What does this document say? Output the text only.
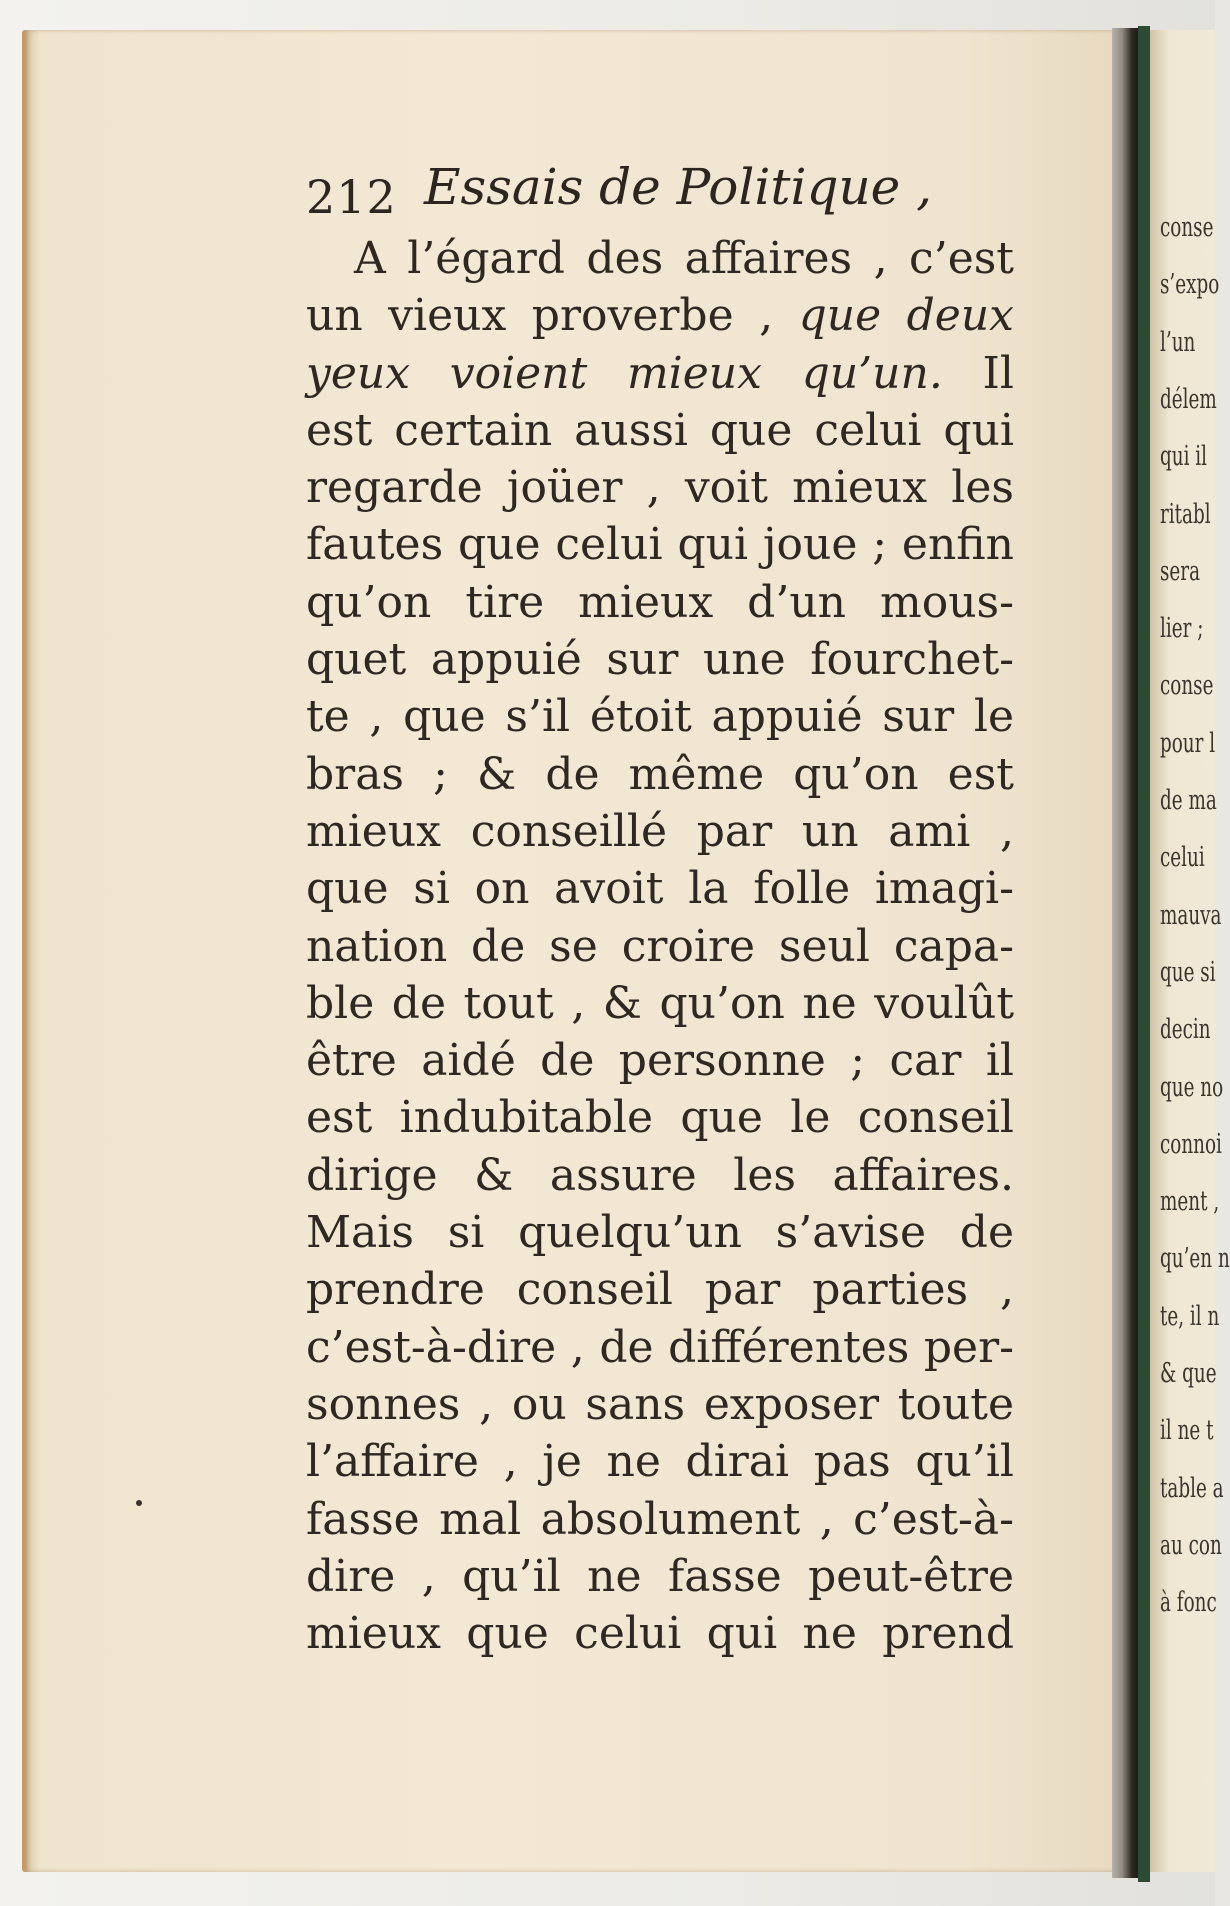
212 Essais de Politique ,
A l’égard des affaires , c’est
un vieux proverbe , que deux
yeux voient mieux qu’un. Il
est certain aussi que celui qui
regarde joüer , voit mieux les
fautes que celui qui joue ; enfin
qu’on tire mieux d’un mous-
quet appuié sur une fourchet-
te , que s’il étoit appuié sur le
bras ; & de même qu’on est
mieux conseillé par un ami ,
que si on avoit la folle imagi-
nation de se croire seul capa-
ble de tout , & qu’on ne voulût
être aidé de personne ; car il
est indubitable que le conseil
dirige & assure les affaires.
Mais si quelqu’un s’avise de
prendre conseil par parties ,
c’est-à-dire , de différentes per-
sonnes , ou sans exposer toute
l’affaire , je ne dirai pas qu’il
fasse mal absolument , c’est-à-
dire , qu’il ne fasse peut-être
mieux que celui qui ne prend
conse
s’expo
l’un
délem
qui il
ritabl
sera
lier ;
conse
pour l
de ma
celui
mauva
que si
decin
que no
connoi
ment ,
qu’en n
te, il n
& que
il ne t
table a
au con
à fonc
